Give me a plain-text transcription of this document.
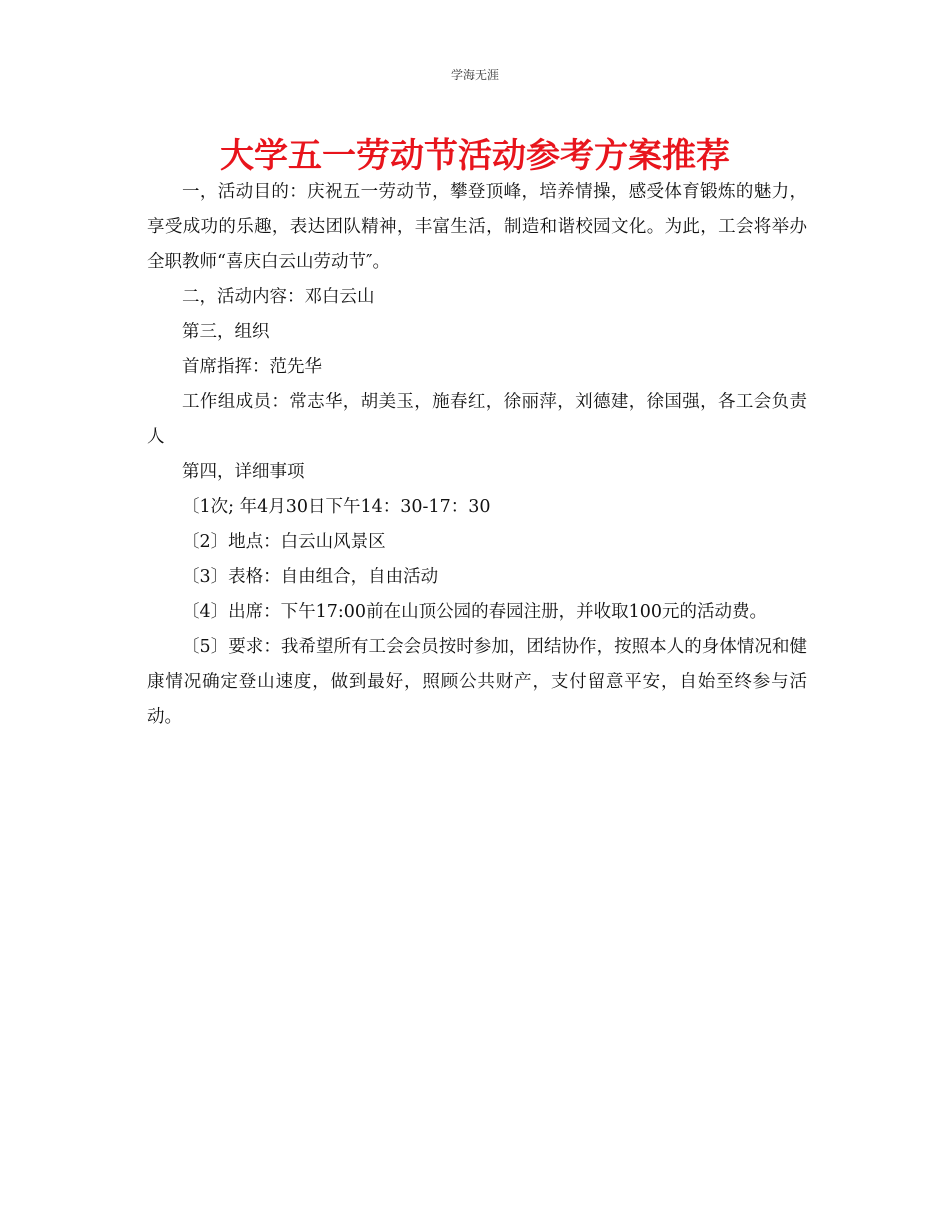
学海无涯
大学五一劳动节活动参考方案推荐

一，活动目的：庆祝五一劳动节，攀登顶峰，培养情操，感受体育锻炼的魅力，享受成功的乐趣，表达团队精神，丰富生活，制造和谐校园文化。为此，工会将举办全职教师“喜庆白云山劳动节″。

二，活动内容：邓白云山

第三，组织

首席指挥：范先华

工作组成员：常志华，胡美玉，施春红，徐丽萍，刘德建，徐国强，各工会负责人

第四，详细事项

〔1次; 年4月30日下午14：30-17：30

〔2〕地点：白云山风景区

〔3〕表格：自由组合，自由活动

〔4〕出席：下午17:00前在山顶公园的春园注册，并收取100元的活动费。

〔5〕要求：我希望所有工会会员按时参加，团结协作，按照本人的身体情况和健康情况确定登山速度，做到最好，照顾公共财产，支付留意平安，自始至终参与活动。
